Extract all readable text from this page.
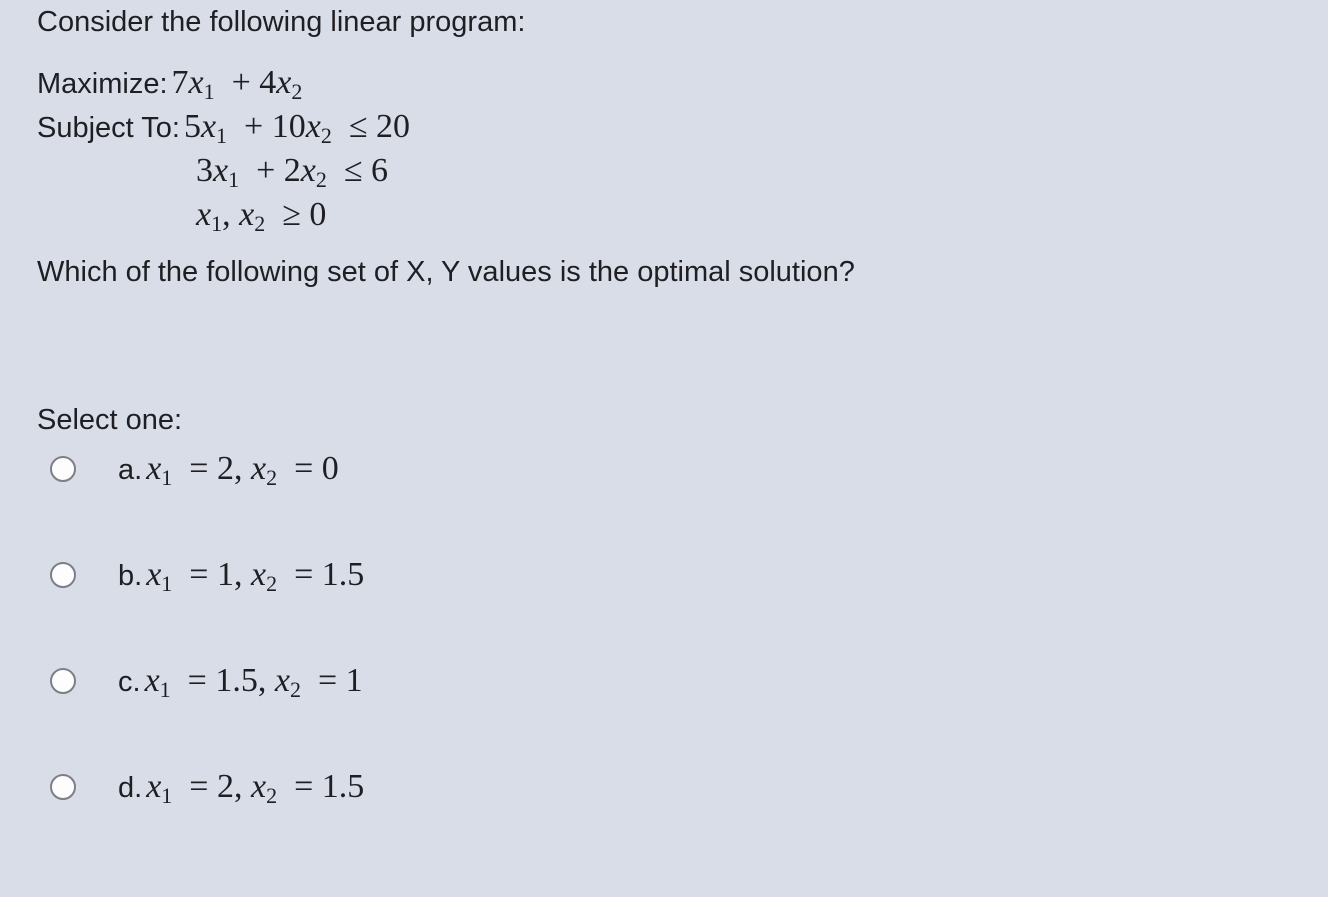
Consider the following linear program:
Maximize: $7x_1 + 4x_2$
Subject To: $5x_1 + 10x_2 \le 20$
$3x_1 + 2x_2 \le 6$
$x_1$, $x_2 \ge 0$
Which of the following set of X, Y values is the optimal solution?
Select one:
a. $x_1 = 2$, $x_2 = 0$
b. $x_1 = 1$, $x_2 = 1.5$
c. $x_1 = 1.5$, $x_2 = 1$
d. $x_1 = 2$, $x_2 = 1.5$
